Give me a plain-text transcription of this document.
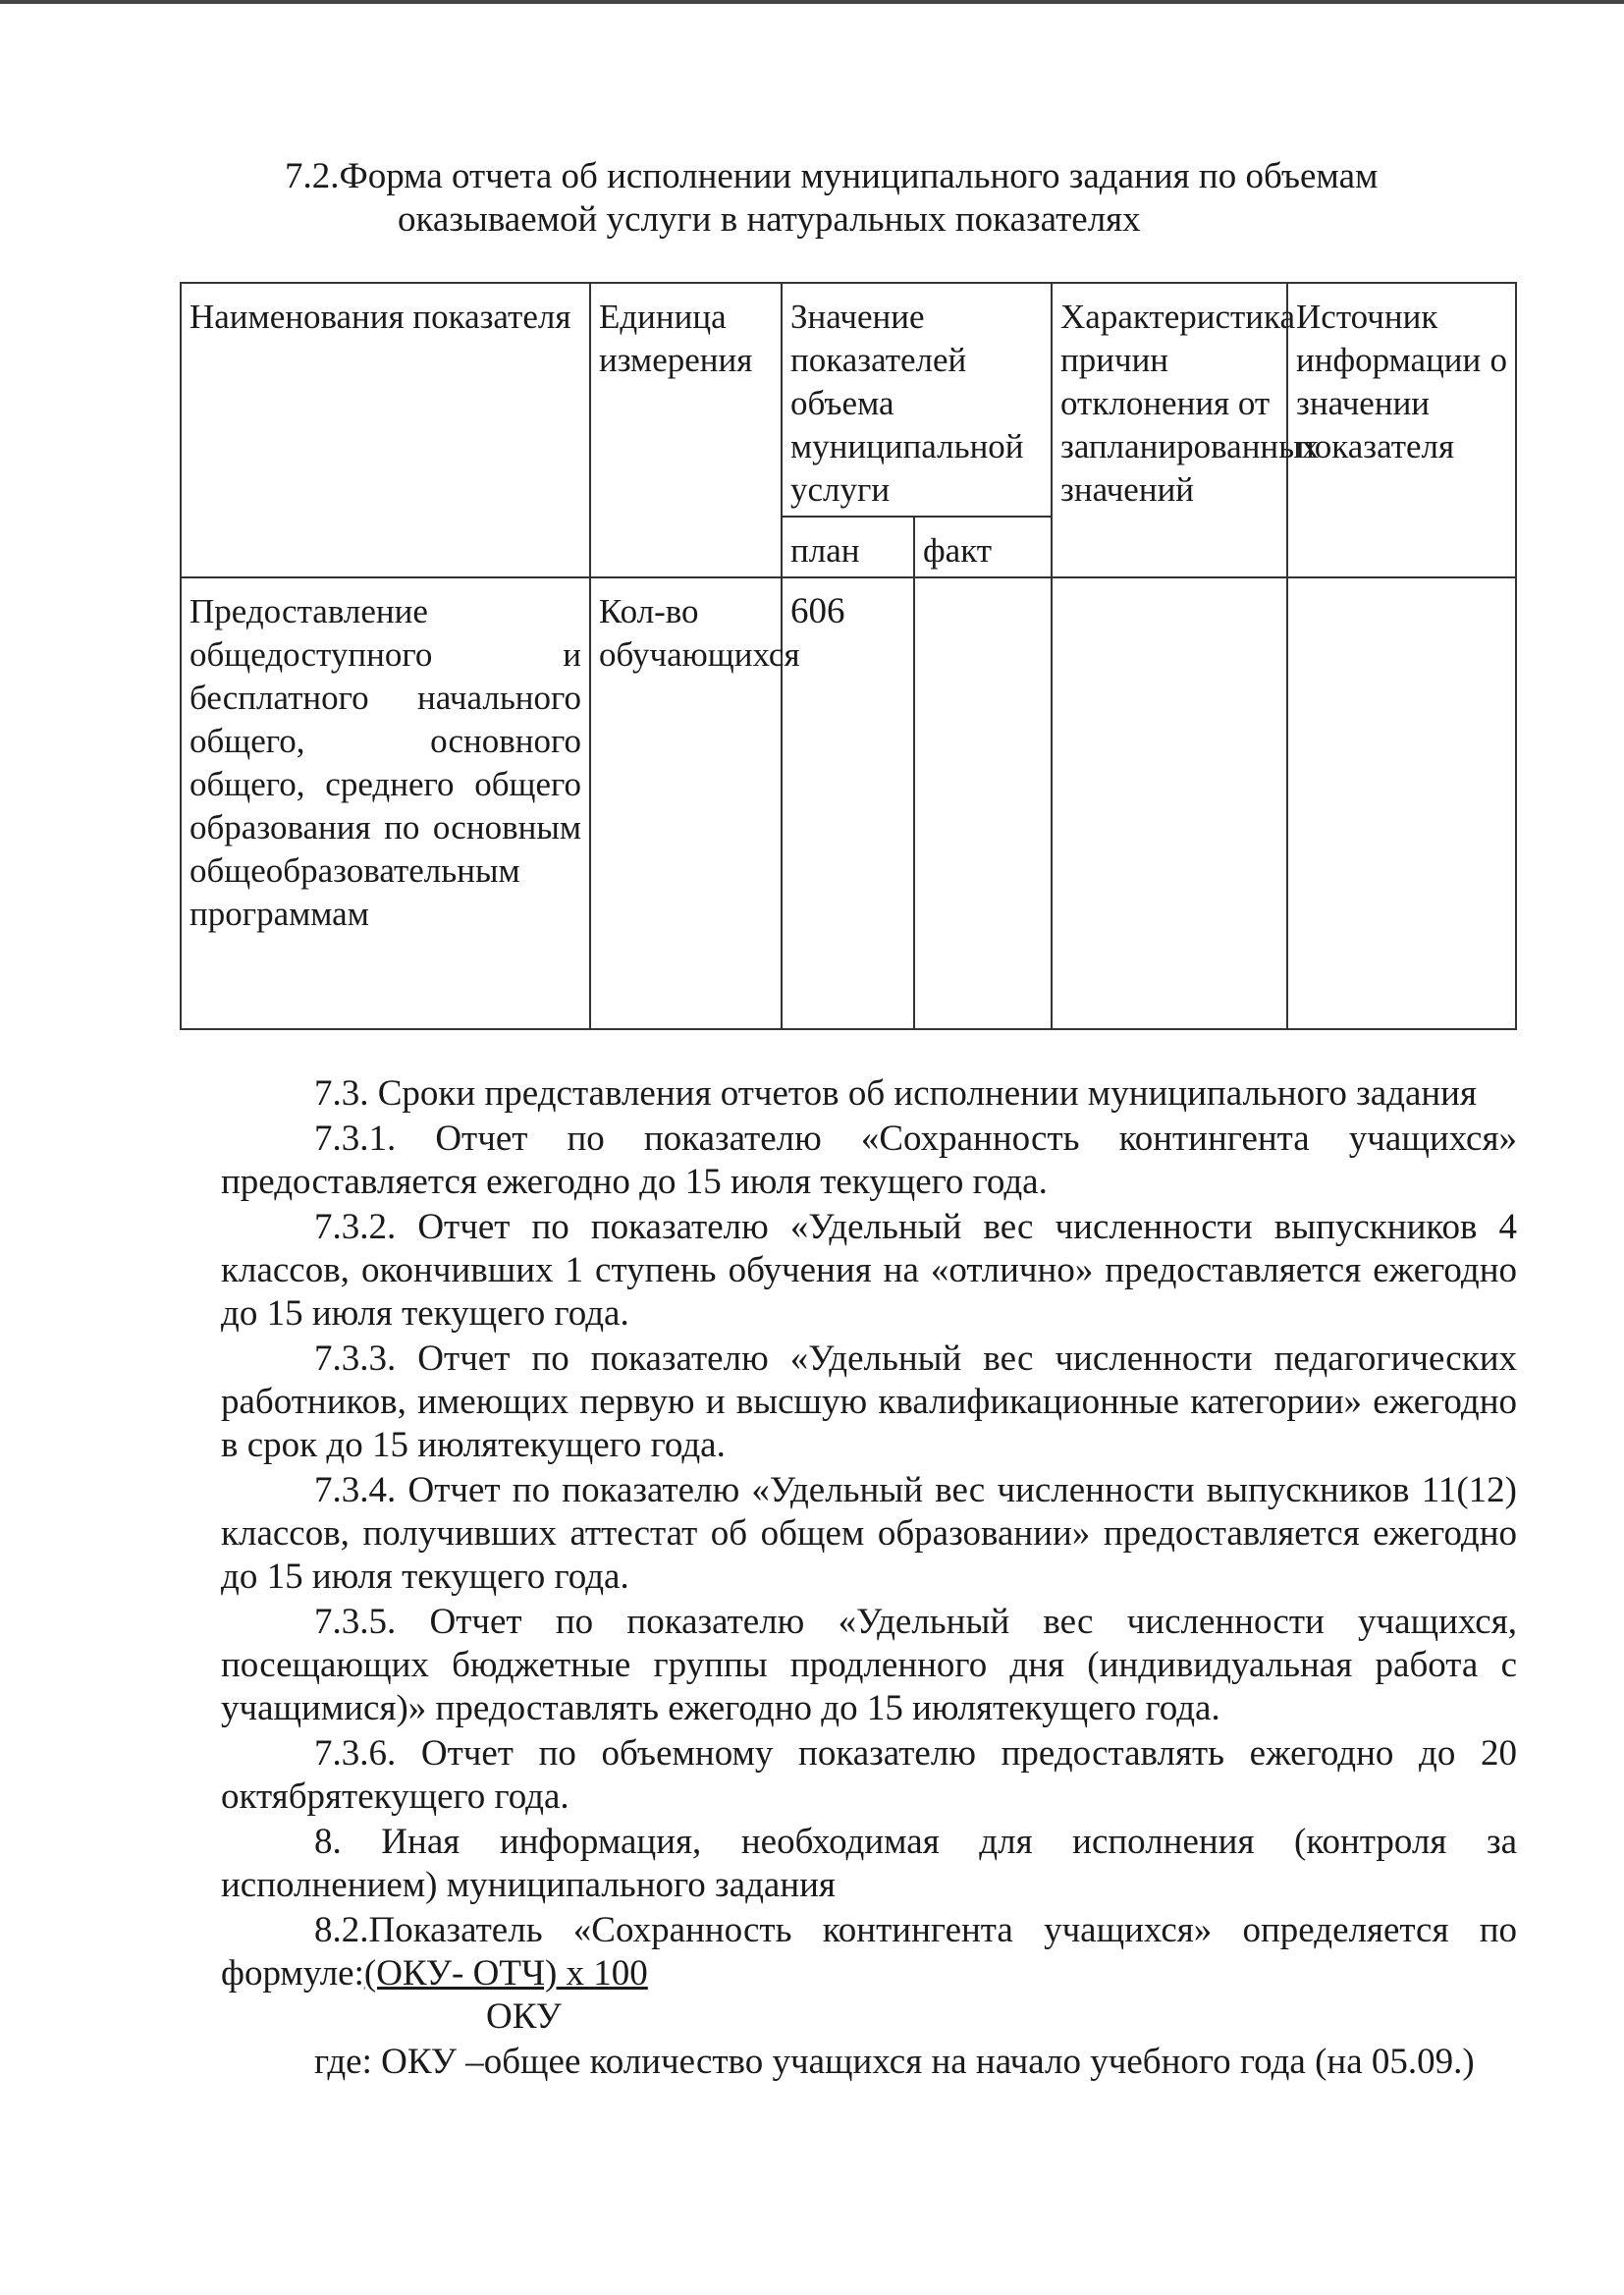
7.2.Форма отчета об исполнении муниципального задания по объемам
оказываемой услуги в натуральных показателях
Наименования показателя	Единица измерения	Значение показателей объема муниципальной услуги		Характеристика причин отклонения от запланированных значений	Источник информации о значении показателя
		план	факт		
Предоставление общедоступного и бесплатного начального общего, основного общего, среднего общего образования по основным общеобразовательным программам	Кол-во обучающихся	606			

7.3. Сроки представления отчетов об исполнении муниципального задания

7.3.1. Отчет по показателю «Сохранность контингента учащихся» предоставляется ежегодно до 15 июля текущего года.

7.3.2. Отчет по показателю «Удельный вес численности выпускников 4 классов, окончивших 1 ступень обучения на «отлично» предоставляется ежегодно до 15 июля текущего года.

7.3.3. Отчет по показателю «Удельный вес численности педагогических работников, имеющих первую и высшую квалификационные категории» ежегодно в срок до 15 июлятекущего года.

7.3.4. Отчет по показателю «Удельный вес численности выпускников 11(12) классов, получивших аттестат об общем образовании» предоставляется ежегодно до 15 июля текущего года.

7.3.5. Отчет по показателю «Удельный вес численности учащихся, посещающих бюджетные группы продленного дня (индивидуальная работа с учащимися)» предоставлять ежегодно до 15 июлятекущего года.

7.3.6. Отчет по объемному показателю предоставлять ежегодно до 20 октябрятекущего года.

8. Иная информация, необходимая для исполнения (контроля за исполнением) муниципального задания

8.2.Показатель «Сохранность контингента учащихся» определяется по формуле:(ОКУ- ОТЧ) х 100

ОКУ

где: ОКУ –общее количество учащихся на начало учебного года (на 05.09.)
